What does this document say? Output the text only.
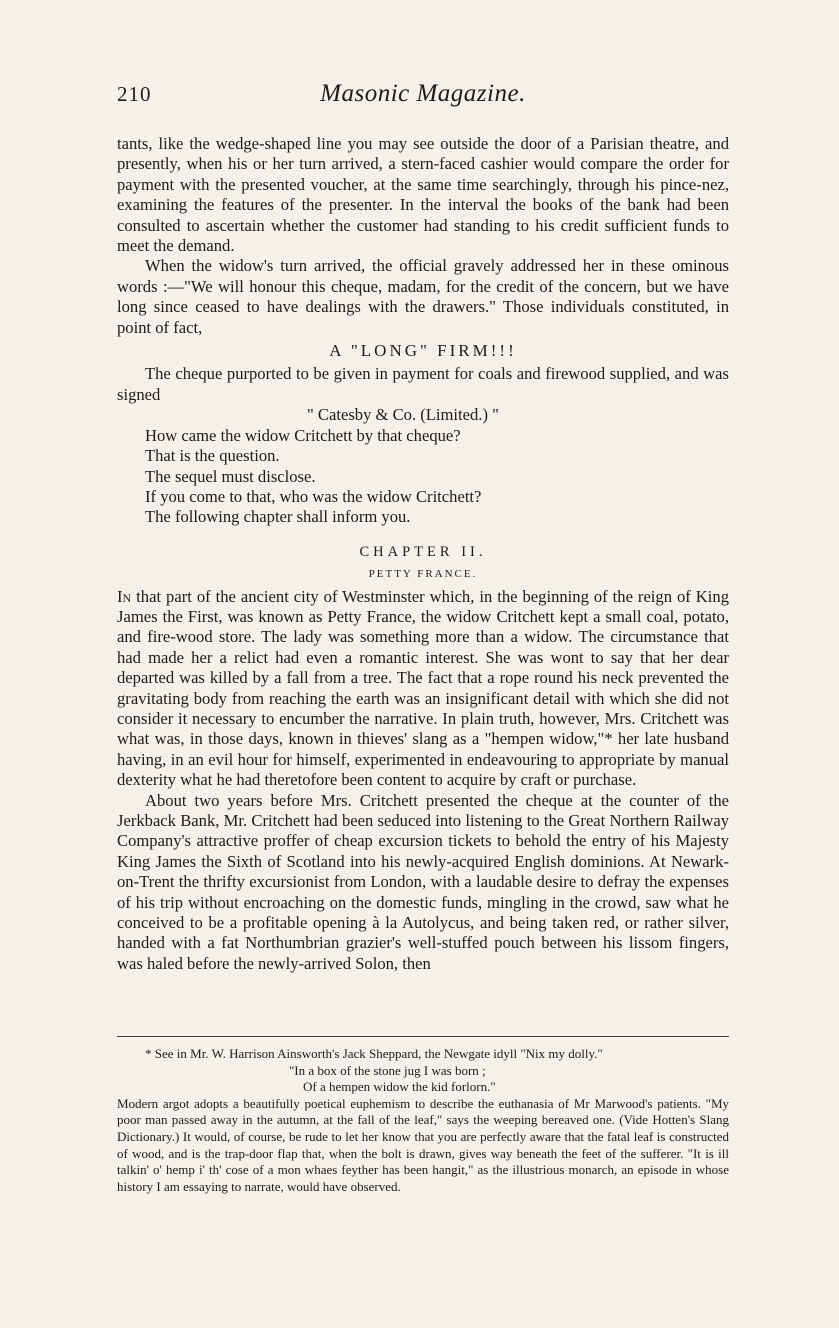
210	Masonic Magazine.

tants, like the wedge-shaped line you may see outside the door of a Parisian theatre, and presently, when his or her turn arrived, a stern-faced cashier would compare the order for payment with the presented voucher, at the same time searchingly, through his pince-nez, examining the features of the presenter. In the interval the books of the bank had been consulted to ascertain whether the customer had standing to his credit sufficient funds to meet the demand.

When the widow's turn arrived, the official gravely addressed her in these ominous words :—"We will honour this cheque, madam, for the credit of the concern, but we have long since ceased to have dealings with the drawers." Those individuals constituted, in point of fact,

A "LONG" FIRM!!!

The cheque purported to be given in payment for coals and firewood supplied, and was signed

" Catesby & Co. (Limited.) "

How came the widow Critchett by that cheque?

That is the question.

The sequel must disclose.

If you come to that, who was the widow Critchett?

The following chapter shall inform you.

CHAPTER II.

PETTY FRANCE.

In that part of the ancient city of Westminster which, in the beginning of the reign of King James the First, was known as Petty France, the widow Critchett kept a small coal, potato, and fire-wood store. The lady was something more than a widow. The circumstance that had made her a relict had even a romantic interest. She was wont to say that her dear departed was killed by a fall from a tree. The fact that a rope round his neck prevented the gravitating body from reaching the earth was an insignificant detail with which she did not consider it necessary to encumber the narrative. In plain truth, however, Mrs. Critchett was what was, in those days, known in thieves' slang as a "hempen widow,"* her late husband having, in an evil hour for himself, experimented in endeavouring to appropriate by manual dexterity what he had theretofore been content to acquire by craft or purchase.

About two years before Mrs. Critchett presented the cheque at the counter of the Jerkback Bank, Mr. Critchett had been seduced into listening to the Great Northern Railway Company's attractive proffer of cheap excursion tickets to behold the entry of his Majesty King James the Sixth of Scotland into his newly-acquired English dominions. At Newark-on-Trent the thrifty excursionist from London, with a laudable desire to defray the expenses of his trip without encroaching on the domestic funds, mingling in the crowd, saw what he conceived to be a profitable opening à la Autolycus, and being taken red, or rather silver, handed with a fat Northumbrian grazier's well-stuffed pouch between his lissom fingers, was haled before the newly-arrived Solon, then

* See in Mr. W. Harrison Ainsworth's Jack Sheppard, the Newgate idyll "Nix my dolly."

"In a box of the stone jug I was born ;

Of a hempen widow the kid forlorn."

Modern argot adopts a beautifully poetical euphemism to describe the euthanasia of Mr Marwood's patients. "My poor man passed away in the autumn, at the fall of the leaf," says the weeping bereaved one. (Vide Hotten's Slang Dictionary.) It would, of course, be rude to let her know that you are perfectly aware that the fatal leaf is constructed of wood, and is the trap-door flap that, when the bolt is drawn, gives way beneath the feet of the sufferer. "It is ill talkin' o' hemp i' th' cose of a mon whaes feyther has been hangit," as the illustrious monarch, an episode in whose history I am essaying to narrate, would have observed.
